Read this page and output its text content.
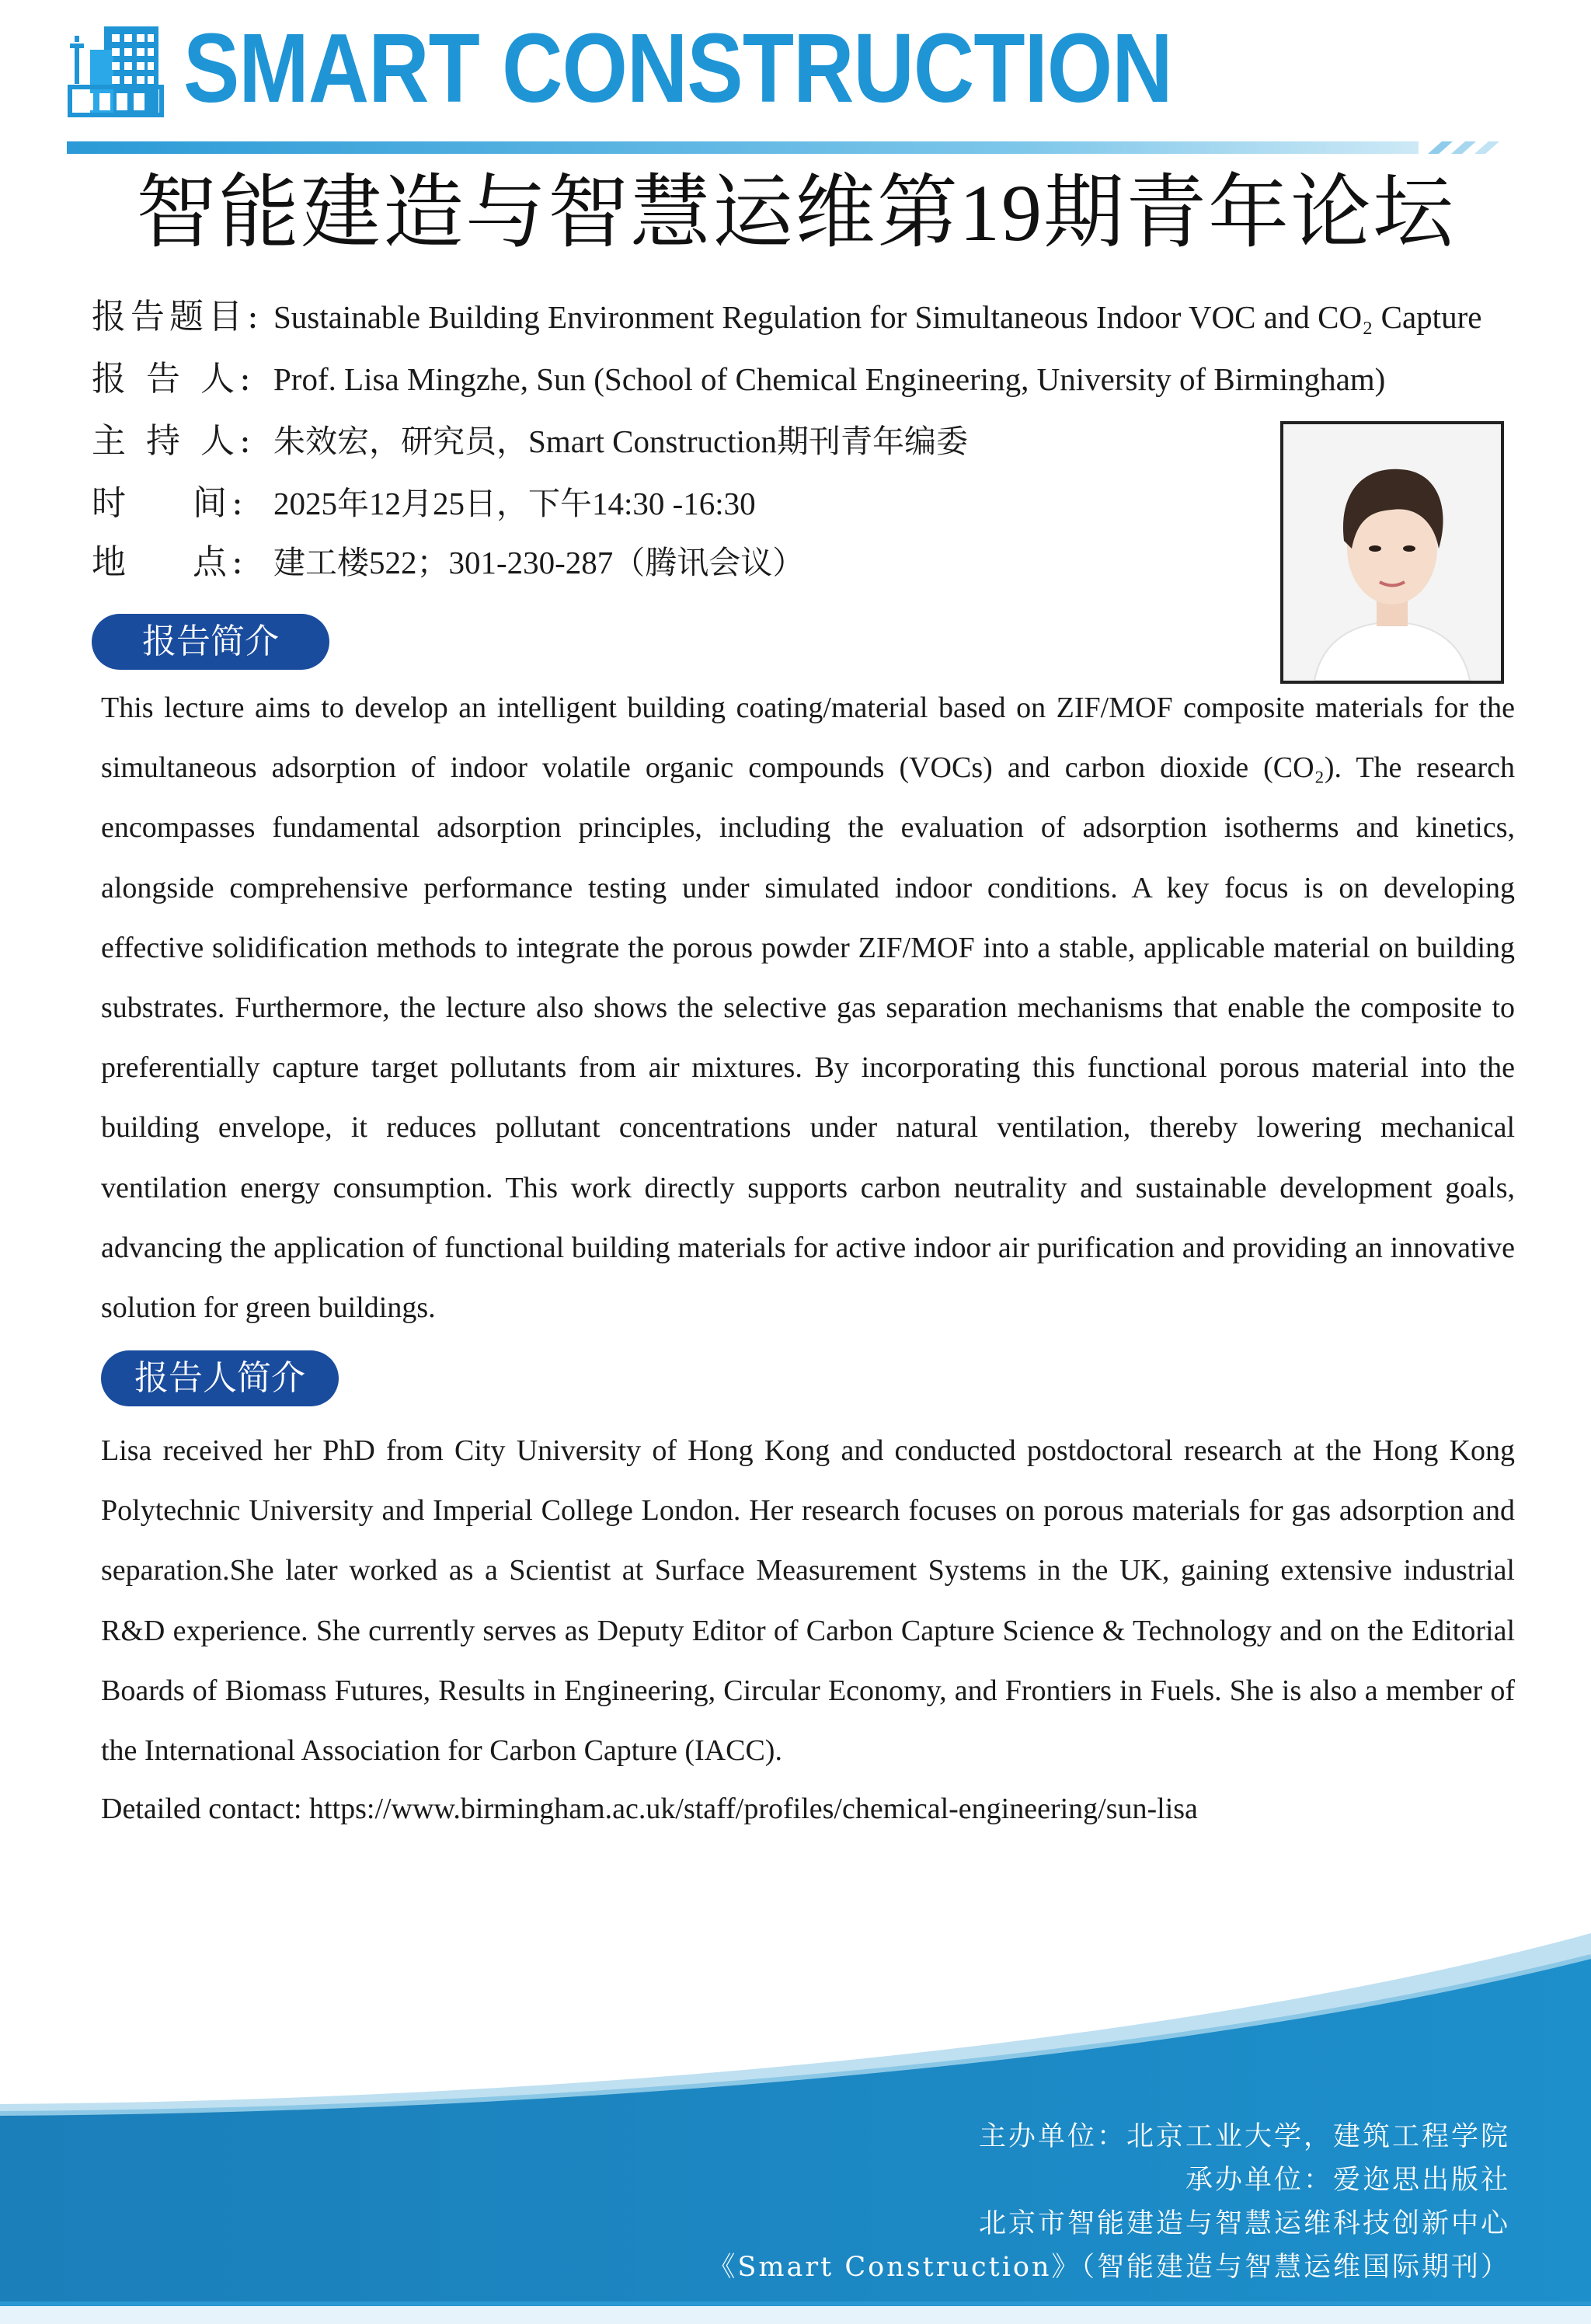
SMART CONSTRUCTION
智能建造与智慧运维第19期青年论坛
报告题目: Sustainable Building Environment Regulation for Simultaneous Indoor VOC and CO₂ Capture
报 告 人: Prof. Lisa Mingzhe, Sun (School of Chemical Engineering, University of Birmingham)
主 持 人: 朱效宏，研究员，Smart Construction期刊青年编委
时    间: 2025年12月25日，下午14:30 -16:30
地    点: 建工楼522；301-230-287（腾讯会议）
报告简介
This lecture aims to develop an intelligent building coating/material based on ZIF/MOF composite materials for the simultaneous adsorption of indoor volatile organic compounds (VOCs) and carbon dioxide (CO₂). The research encompasses fundamental adsorption principles, including the evaluation of adsorption isotherms and kinetics, alongside comprehensive performance testing under simulated indoor conditions. A key focus is on developing effective solidification methods to integrate the porous powder ZIF/MOF into a stable, applicable material on building substrates. Furthermore, the lecture also shows the selective gas separation mechanisms that enable the composite to preferentially capture target pollutants from air mixtures. By incorporating this functional porous material into the building envelope, it reduces pollutant concentrations under natural ventilation, thereby lowering mechanical ventilation energy consumption. This work directly supports carbon neutrality and sustainable development goals, advancing the application of functional building materials for active indoor air purification and providing an innovative solution for green buildings.
报告人简介
Lisa received her PhD from City University of Hong Kong and conducted postdoctoral research at the Hong Kong Polytechnic University and Imperial College London. Her research focuses on porous materials for gas adsorption and separation.She later worked as a Scientist at Surface Measurement Systems in the UK, gaining extensive industrial R&D experience. She currently serves as Deputy Editor of Carbon Capture Science & Technology and on the Editorial Boards of Biomass Futures, Results in Engineering, Circular Economy, and Frontiers in Fuels. She is also a member of the International Association for Carbon Capture (IACC).
Detailed contact: https://www.birmingham.ac.uk/staff/profiles/chemical-engineering/sun-lisa
主办单位：北京工业大学，建筑工程学院
承办单位：爱迩思出版社
北京市智能建造与智慧运维科技创新中心
《Smart Construction》（智能建造与智慧运维国际期刊）
